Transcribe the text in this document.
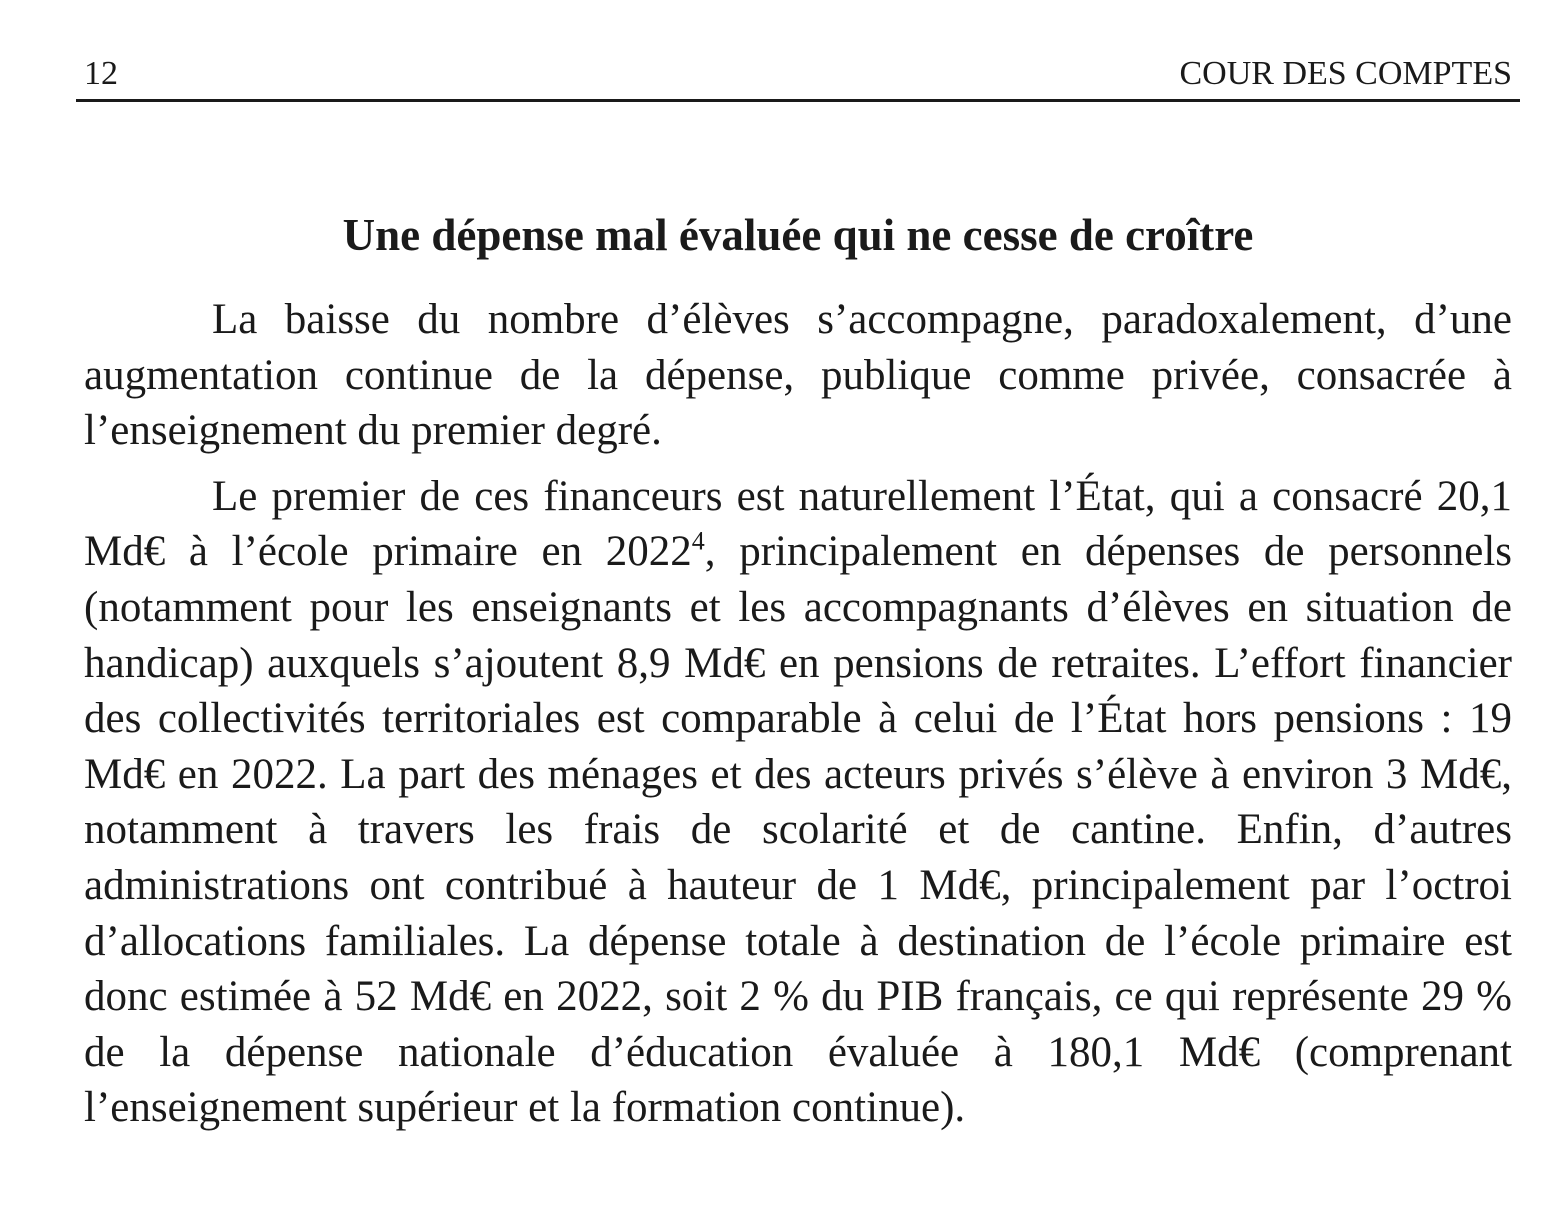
12	COUR DES COMPTES
Une dépense mal évaluée qui ne cesse de croître

La baisse du nombre d’élèves s’accompagne, paradoxalement, d’une augmentation continue de la dépense, publique comme privée, consacrée à l’enseignement du premier degré.

Le premier de ces financeurs est naturellement l’État, qui a consacré 20,1 Md€ à l’école primaire en 2022$^4$, principalement en dépenses de personnels (notamment pour les enseignants et les accompagnants d’élèves en situation de handicap) auxquels s’ajoutent 8,9 Md€ en pensions de retraites. L’effort financier des collectivités territoriales est comparable à celui de l’État hors pensions : 19 Md€ en 2022. La part des ménages et des acteurs privés s’élève à environ 3 Md€, notamment à travers les frais de scolarité et de cantine. Enfin, d’autres administrations ont contribué à hauteur de 1 Md€, principalement par l’octroi d’allocations familiales. La dépense totale à destination de l’école primaire est donc estimée à 52 Md€ en 2022, soit 2 % du PIB français, ce qui représente 29 % de la dépense nationale d’éducation évaluée à 180,1 Md€ (comprenant l’enseignement supérieur et la formation continue).
